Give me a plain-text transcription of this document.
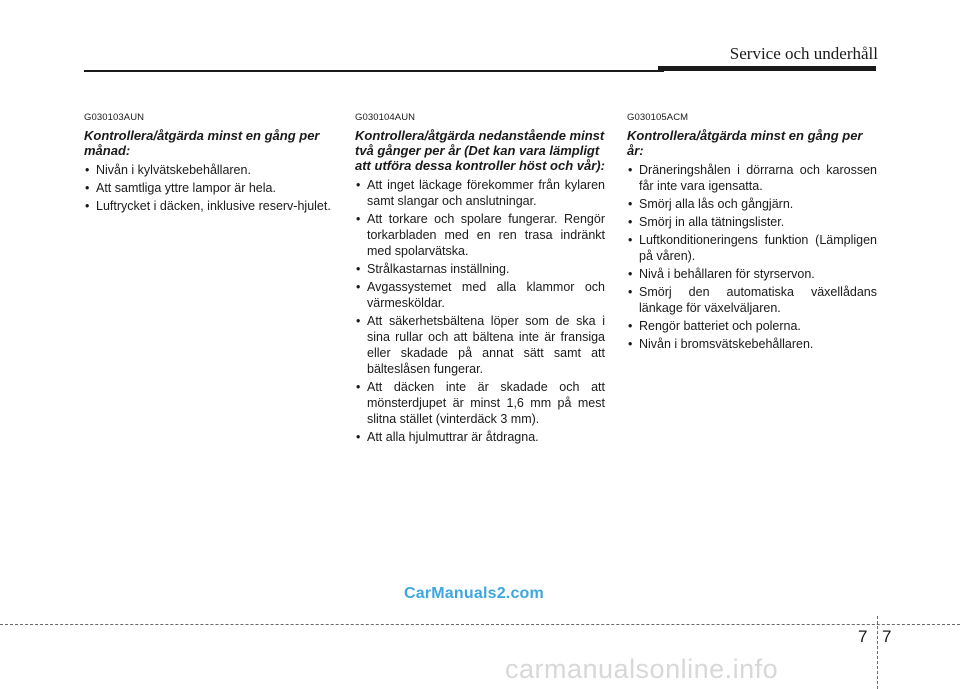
Service och underhåll
G030103AUN
Kontrollera/åtgärda minst en gång per månad:
• Nivån i kylvätskebehållaren.
• Att samtliga yttre lampor är hela.
• Luftrycket i däcken, inklusive reserv-hjulet.
G030104AUN
Kontrollera/åtgärda nedanstående minst två gånger per år (Det kan vara lämpligt att utföra dessa kontroller höst och vår):
• Att inget läckage förekommer från kylaren samt slangar och anslutningar.
• Att torkare och spolare fungerar. Rengör torkarbladen med en ren trasa indränkt med spolarvätska.
• Strålkastarnas inställning.
• Avgassystemet med alla klammor och värmesköldar.
• Att säkerhetsbältena löper som de ska i sina rullar och att bältena inte är fransiga eller skadade på annat sätt samt att bälteslåsen fungerar.
• Att däcken inte är skadade och att mönsterdjupet är minst 1,6 mm på mest slitna stället (vinterdäck 3 mm).
• Att alla hjulmuttrar är åtdragna.
G030105ACM
Kontrollera/åtgärda minst en gång per år:
• Dräneringshålen i dörrarna och karossen får inte vara igensatta.
• Smörj alla lås och gångjärn.
• Smörj in alla tätningslister.
• Luftkonditioneringens funktion (Lämpligen på våren).
• Nivå i behållaren för styrservon.
• Smörj den automatiska växellådans länkage för växelväljaren.
• Rengör batteriet och polerna.
• Nivån i bromsvätskebehållaren.
CarManuals2.com
7 7
carmanualsonline.info
